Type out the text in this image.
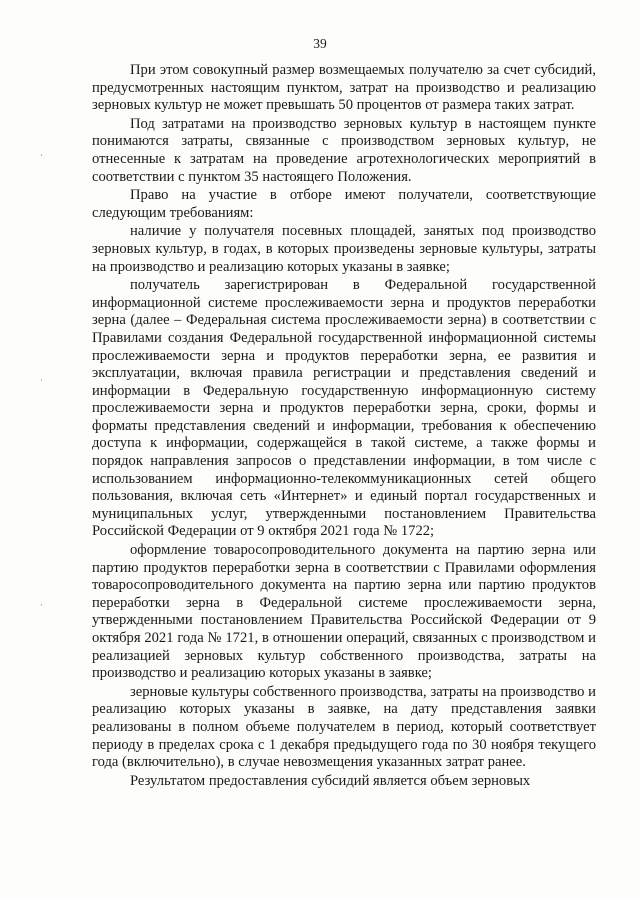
39
·
·
·

При этом совокупный размер возмещаемых получателю за счет субсидий, предусмотренных настоящим пунктом, затрат на производство и реализацию зерновых культур не может превышать 50 процентов от размера таких затрат.

Под затратами на производство зерновых культур в настоящем пункте понимаются затраты, связанные с производством зерновых культур, не отнесенные к затратам на проведение агротехнологических мероприятий в соответствии с пунктом 35 настоящего Положения.

Право на участие в отборе имеют получатели, соответствующие следующим требованиям:

наличие у получателя посевных площадей, занятых под производство зерновых культур, в годах, в которых произведены зерновые культуры, затраты на производство и реализацию которых указаны в заявке;

получатель зарегистрирован в Федеральной государственной информационной системе прослеживаемости зерна и продуктов переработки зерна (далее – Федеральная система прослеживаемости зерна) в соответствии с Правилами создания Федеральной государственной информационной системы прослеживаемости зерна и продуктов переработки зерна, ее развития и эксплуатации, включая правила регистрации и представления сведений и информации в Федеральную государственную информационную систему прослеживаемости зерна и продуктов переработки зерна, сроки, формы и форматы представления сведений и информации, требования к обеспечению доступа к информации, содержащейся в такой системе, а также формы и порядок направления запросов о представлении информации, в том числе с использованием информационно-телекоммуникационных сетей общего пользования, включая сеть «Интернет» и единый портал государственных и муниципальных услуг, утвержденными постановлением Правительства Российской Федерации от 9 октября 2021 года № 1722;

оформление товаросопроводительного документа на партию зерна или партию продуктов переработки зерна в соответствии с Правилами оформления товаросопроводительного документа на партию зерна или партию продуктов переработки зерна в Федеральной системе прослеживаемости зерна, утвержденными постановлением Правительства Российской Федерации от 9 октября 2021 года № 1721, в отношении операций, связанных с производством и реализацией зерновых культур собственного производства, затраты на производство и реализацию которых указаны в заявке;

зерновые культуры собственного производства, затраты на производство и реализацию которых указаны в заявке, на дату представления заявки реализованы в полном объеме получателем в период, который соответствует периоду в пределах срока с 1 декабря предыдущего года по 30 ноября текущего года (включительно), в случае невозмещения указанных затрат ранее.

Результатом предоставления субсидий является объем зерновых
